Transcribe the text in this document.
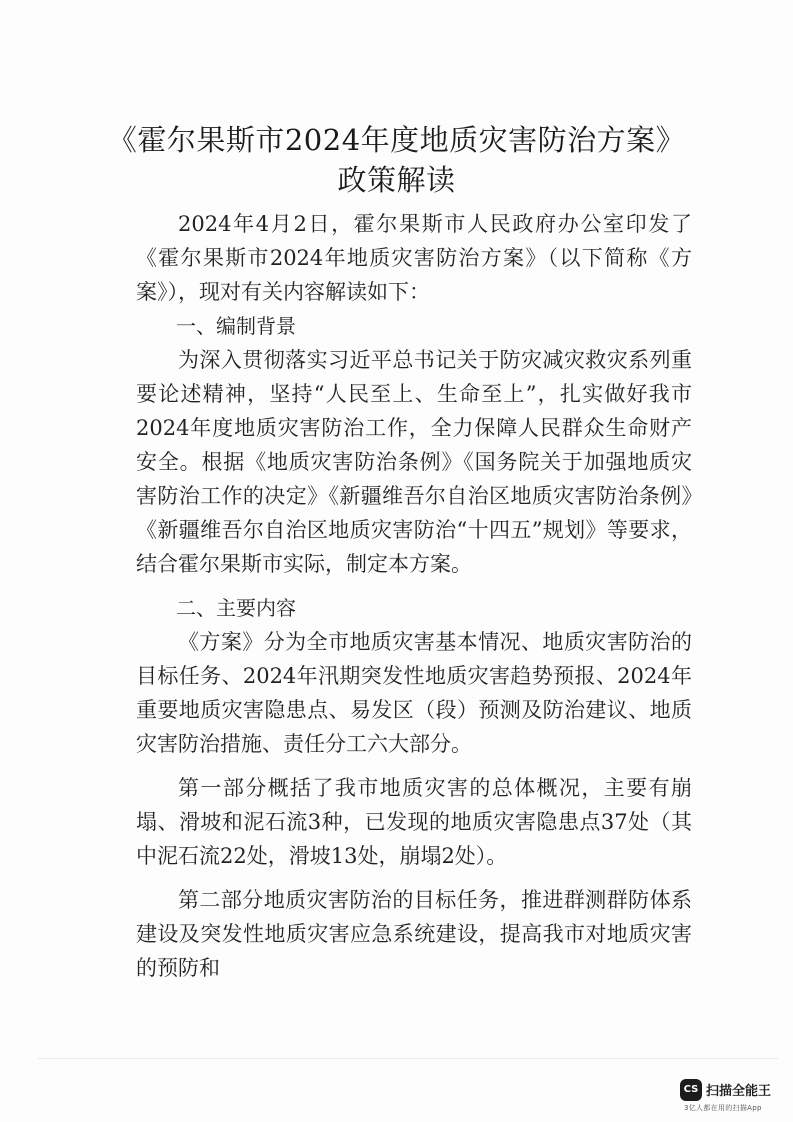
《霍尔果斯市2024年度地质灾害防治方案》
政策解读

2024年4月2日，霍尔果斯市人民政府办公室印发了《霍尔果斯市2024年地质灾害防治方案》（以下简称《方案》），现对有关内容解读如下：

一、编制背景

为深入贯彻落实习近平总书记关于防灾减灾救灾系列重要论述精神，坚持“人民至上、生命至上”，扎实做好我市2024年度地质灾害防治工作，全力保障人民群众生命财产安全。根据《地质灾害防治条例》《国务院关于加强地质灾害防治工作的决定》《新疆维吾尔自治区地质灾害防治条例》《新疆维吾尔自治区地质灾害防治“十四五”规划》等要求，结合霍尔果斯市实际，制定本方案。

二、主要内容

《方案》分为全市地质灾害基本情况、地质灾害防治的目标任务、2024年汛期突发性地质灾害趋势预报、2024年重要地质灾害隐患点、易发区（段）预测及防治建议、地质灾害防治措施、责任分工六大部分。

第一部分概括了我市地质灾害的总体概况，主要有崩塌、滑坡和泥石流3种，已发现的地质灾害隐患点37处（其中泥石流22处，滑坡13处，崩塌2处）。

第二部分地质灾害防治的目标任务，推进群测群防体系建设及突发性地质灾害应急系统建设，提高我市对地质灾害的预防和

CS 扫描全能王
3亿人都在用的扫描App
